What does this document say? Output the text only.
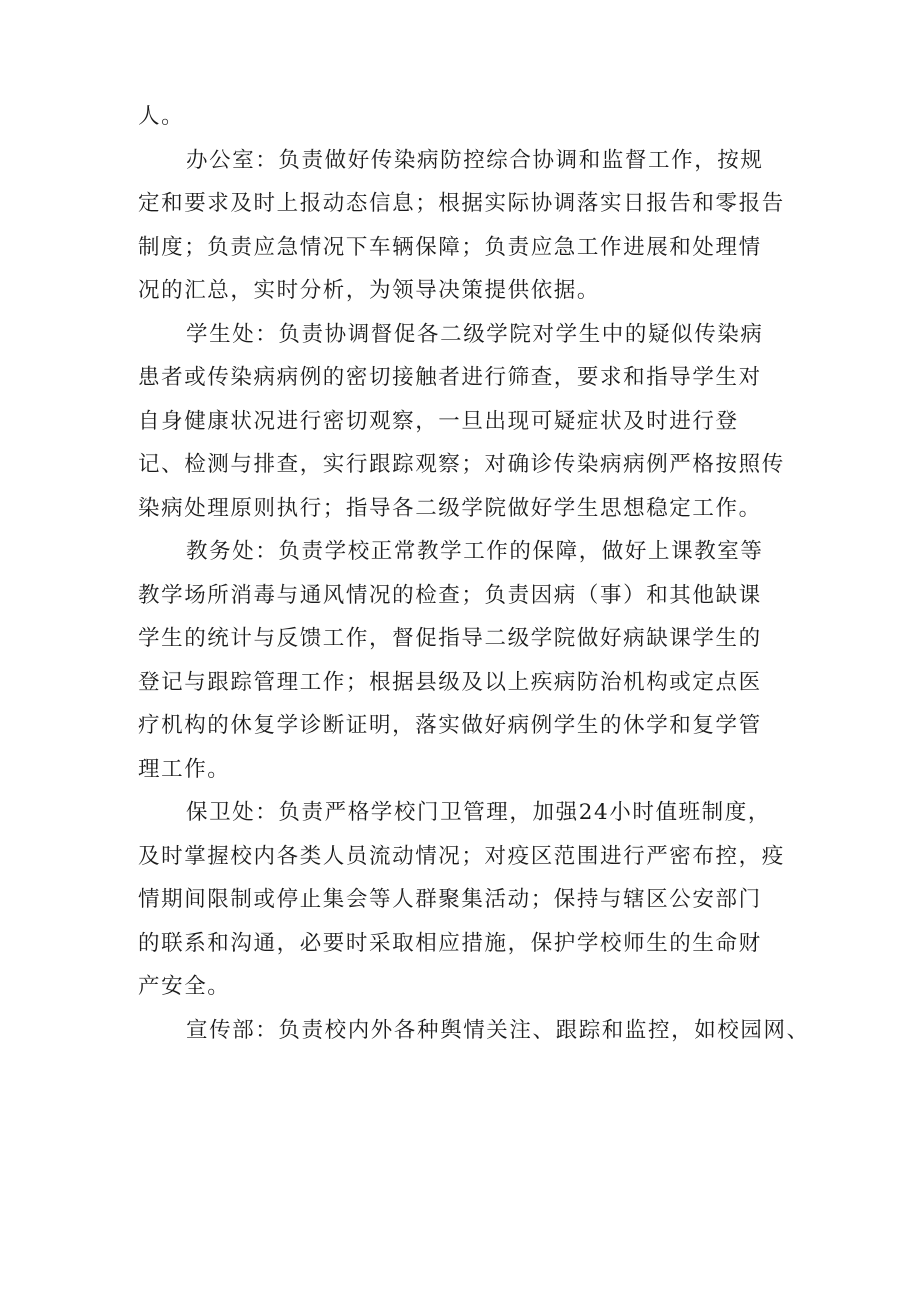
人。
办公室：负责做好传染病防控综合协调和监督工作，按规
定和要求及时上报动态信息；根据实际协调落实日报告和零报告
制度；负责应急情况下车辆保障；负责应急工作进展和处理情
况的汇总，实时分析，为领导决策提供依据。
学生处：负责协调督促各二级学院对学生中的疑似传染病
患者或传染病病例的密切接触者进行筛查，要求和指导学生对
自身健康状况进行密切观察，一旦出现可疑症状及时进行登
记、检测与排查，实行跟踪观察；对确诊传染病病例严格按照传
染病处理原则执行；指导各二级学院做好学生思想稳定工作。
教务处：负责学校正常教学工作的保障，做好上课教室等
教学场所消毒与通风情况的检查；负责因病（事）和其他缺课
学生的统计与反馈工作，督促指导二级学院做好病缺课学生的
登记与跟踪管理工作；根据县级及以上疾病防治机构或定点医
疗机构的休复学诊断证明，落实做好病例学生的休学和复学管
理工作。
保卫处：负责严格学校门卫管理，加强24小时值班制度，
及时掌握校内各类人员流动情况；对疫区范围进行严密布控，疫
情期间限制或停止集会等人群聚集活动；保持与辖区公安部门
的联系和沟通，必要时采取相应措施，保护学校师生的生命财
产安全。
宣传部：负责校内外各种舆情关注、跟踪和监控，如校园网、
